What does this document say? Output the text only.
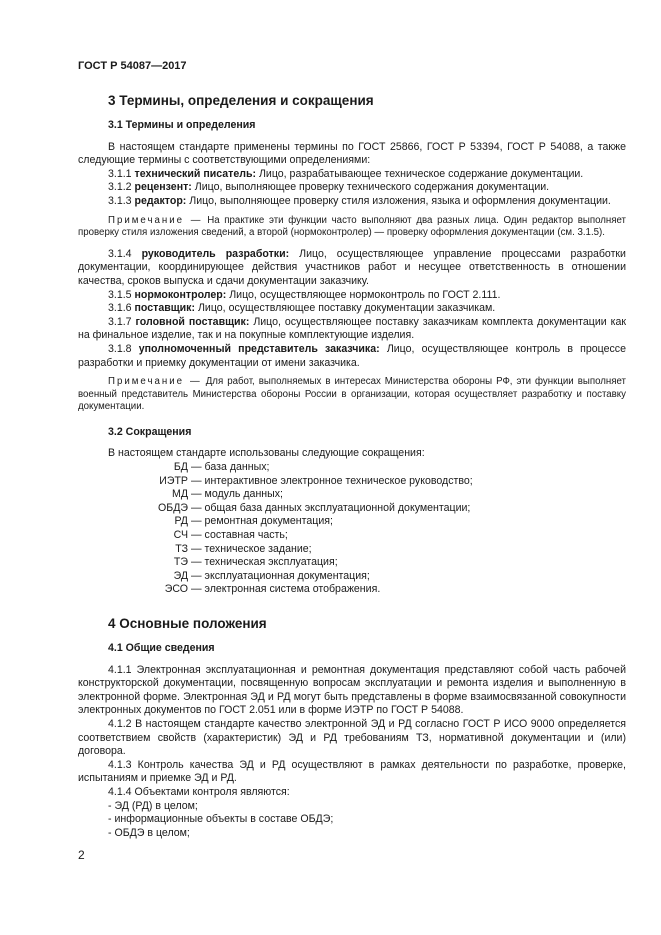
ГОСТ Р 54087—2017
3 Термины, определения и сокращения
3.1 Термины и определения

В настоящем стандарте применены термины по ГОСТ 25866, ГОСТ Р 53394, ГОСТ Р 54088, а также следующие термины с соответствующими определениями:

3.1.1 технический писатель: Лицо, разрабатывающее техническое содержание документации.

3.1.2 рецензент: Лицо, выполняющее проверку технического содержания документации.

3.1.3 редактор: Лицо, выполняющее проверку стиля изложения, языка и оформления документации.

Примечание — На практике эти функции часто выполняют два разных лица. Один редактор выполняет проверку стиля изложения сведений, а второй (нормоконтролер) — проверку оформления документации (см. 3.1.5).

3.1.4 руководитель разработки: Лицо, осуществляющее управление процессами разработки документации, координирующее действия участников работ и несущее ответственность в отношении качества, сроков выпуска и сдачи документации заказчику.

3.1.5 нормоконтролер: Лицо, осуществляющее нормоконтроль по ГОСТ 2.111.

3.1.6 поставщик: Лицо, осуществляющее поставку документации заказчикам.

3.1.7 головной поставщик: Лицо, осуществляющее поставку заказчикам комплекта документации как на финальное изделие, так и на покупные комплектующие изделия.

3.1.8 уполномоченный представитель заказчика: Лицо, осуществляющее контроль в процессе разработки и приемку документации от имени заказчика.

Примечание — Для работ, выполняемых в интересах Министерства обороны РФ, эти функции выполняет военный представитель Министерства обороны России в организации, которая осуществляет разработку и поставку документации.

3.2 Сокращения

В настоящем стандарте использованы следующие сокращения:

БД — база данных;
ИЭТР — интерактивное электронное техническое руководство;
МД — модуль данных;
ОБДЭ — общая база данных эксплуатационной документации;
РД — ремонтная документация;
СЧ — составная часть;
ТЗ — техническое задание;
ТЭ — техническая эксплуатация;
ЭД — эксплуатационная документация;
ЭСО — электронная система отображения.
4 Основные положения
4.1 Общие сведения

4.1.1 Электронная эксплуатационная и ремонтная документация представляют собой часть рабочей конструкторской документации, посвященную вопросам эксплуатации и ремонта изделия и выполненную в электронной форме. Электронная ЭД и РД могут быть представлены в форме взаимосвязанной совокупности электронных документов по ГОСТ 2.051 или в форме ИЭТР по ГОСТ Р 54088.

4.1.2 В настоящем стандарте качество электронной ЭД и РД согласно ГОСТ Р ИСО 9000 определяется соответствием свойств (характеристик) ЭД и РД требованиям ТЗ, нормативной документации и (или) договора.

4.1.3 Контроль качества ЭД и РД осуществляют в рамках деятельности по разработке, проверке, испытаниям и приемке ЭД и РД.

4.1.4 Объектами контроля являются:

- ЭД (РД) в целом;

- информационные объекты в составе ОБДЭ;

- ОБДЭ в целом;

2
